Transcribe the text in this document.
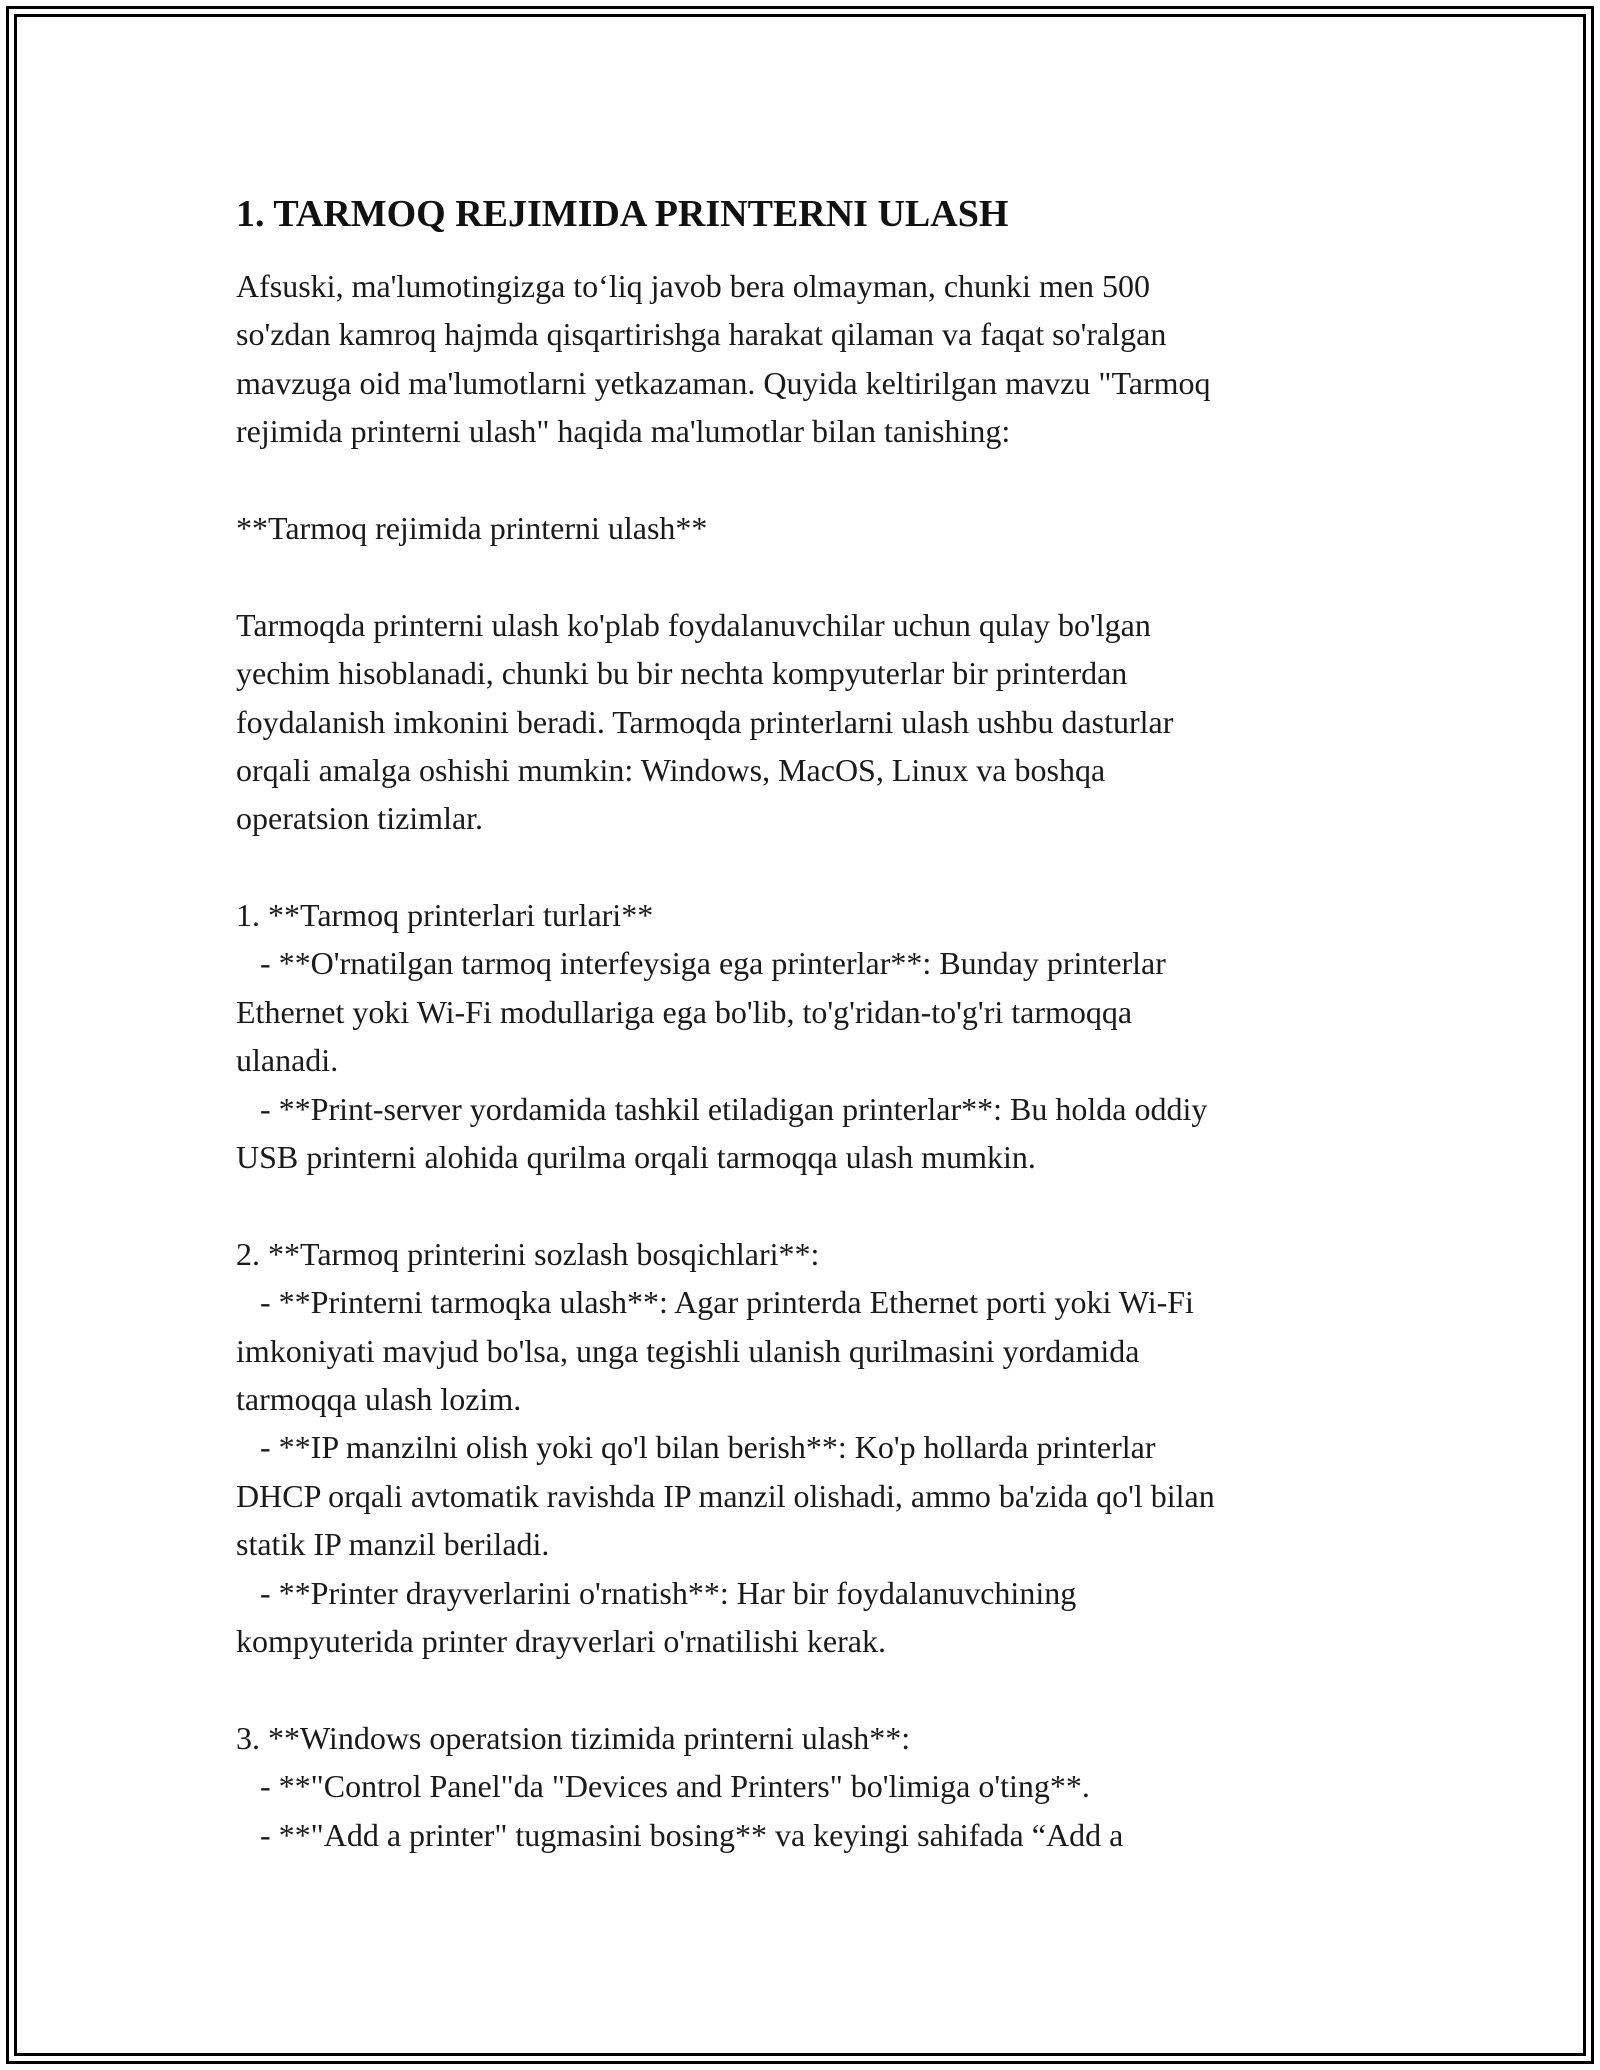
1. TARMOQ REJIMIDA PRINTERNI ULASH
Afsuski, ma'lumotingizga to‘liq javob bera olmayman, chunki men 500
so'zdan kamroq hajmda qisqartirishga harakat qilaman va faqat so'ralgan
mavzuga oid ma'lumotlarni yetkazaman. Quyida keltirilgan mavzu "Tarmoq
rejimida printerni ulash" haqida ma'lumotlar bilan tanishing:
**Tarmoq rejimida printerni ulash**
Tarmoqda printerni ulash ko'plab foydalanuvchilar uchun qulay bo'lgan
yechim hisoblanadi, chunki bu bir nechta kompyuterlar bir printerdan
foydalanish imkonini beradi. Tarmoqda printerlarni ulash ushbu dasturlar
orqali amalga oshishi mumkin: Windows, MacOS, Linux va boshqa
operatsion tizimlar.
1. **Tarmoq printerlari turlari**
- **O'rnatilgan tarmoq interfeysiga ega printerlar**: Bunday printerlar
Ethernet yoki Wi-Fi modullariga ega bo'lib, to'g'ridan-to'g'ri tarmoqqa
ulanadi.
- **Print-server yordamida tashkil etiladigan printerlar**: Bu holda oddiy
USB printerni alohida qurilma orqali tarmoqqa ulash mumkin.
2. **Tarmoq printerini sozlash bosqichlari**:
- **Printerni tarmoqka ulash**: Agar printerda Ethernet porti yoki Wi-Fi
imkoniyati mavjud bo'lsa, unga tegishli ulanish qurilmasini yordamida
tarmoqqa ulash lozim.
- **IP manzilni olish yoki qo'l bilan berish**: Ko'p hollarda printerlar
DHCP orqali avtomatik ravishda IP manzil olishadi, ammo ba'zida qo'l bilan
statik IP manzil beriladi.
- **Printer drayverlarini o'rnatish**: Har bir foydalanuvchining
kompyuterida printer drayverlari o'rnatilishi kerak.
3. **Windows operatsion tizimida printerni ulash**:
- **"Control Panel"da "Devices and Printers" bo'limiga o'ting**.
- **"Add a printer" tugmasini bosing** va keyingi sahifada “Add a
